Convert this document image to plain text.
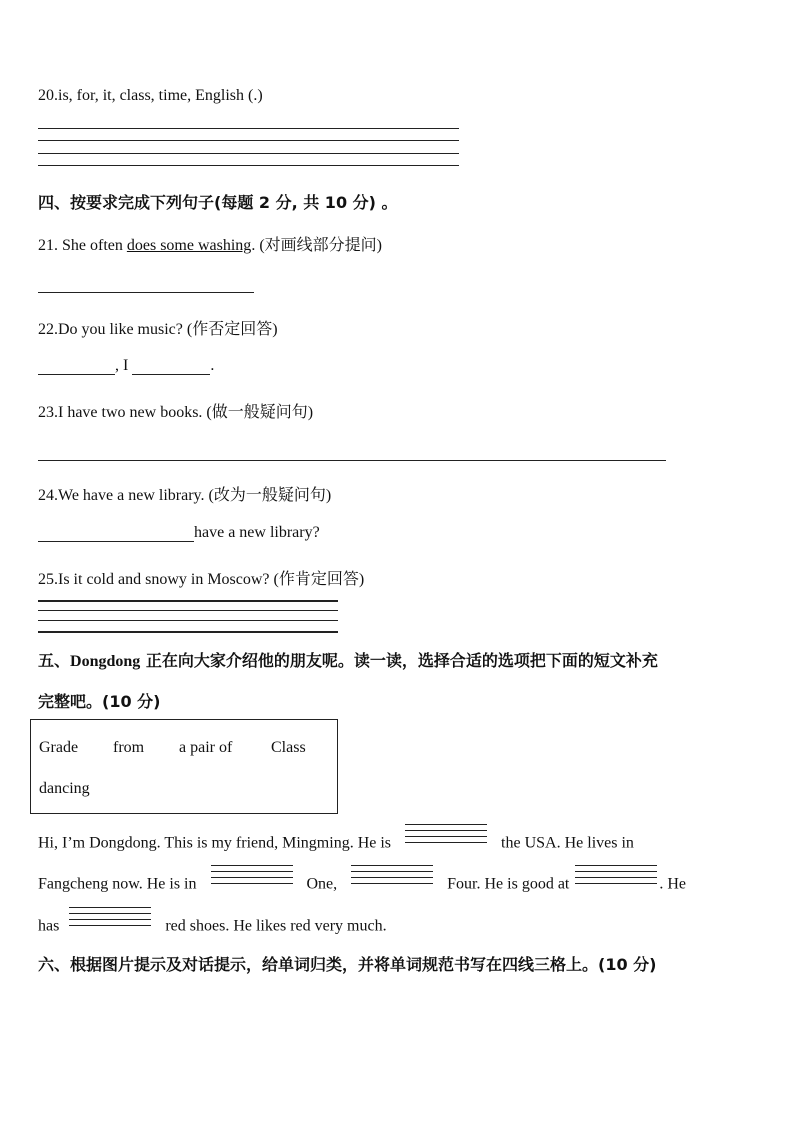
20.is, for, it, class, time, English (.)
四、按要求完成下列句子(每题 2 分, 共 10 分) 。
21. She often does some washing. (对画线部分提问)
22.Do you like music? (作否定回答)
, I	.
23.I have two new books. (做一般疑问句)
24.We have a new library. (改为一般疑问句)
have a new library?
25.Is it cold and snowy in Moscow? (作肯定回答)
五、Dongdong 正在向大家介绍他的朋友呢。读一读，选择合适的选项把下面的短文补充
完整吧。(10 分)
Grade from a pair of Class
dancing
Hi, I’m Dongdong. This is my friend, Mingming. He is	the USA. He lives in
Fangcheng now. He is in	One,	Four. He is good at	. He
has	red shoes. He likes red very much.
六、根据图片提示及对话提示，给单词归类，并将单词规范书写在四线三格上。(10 分)
